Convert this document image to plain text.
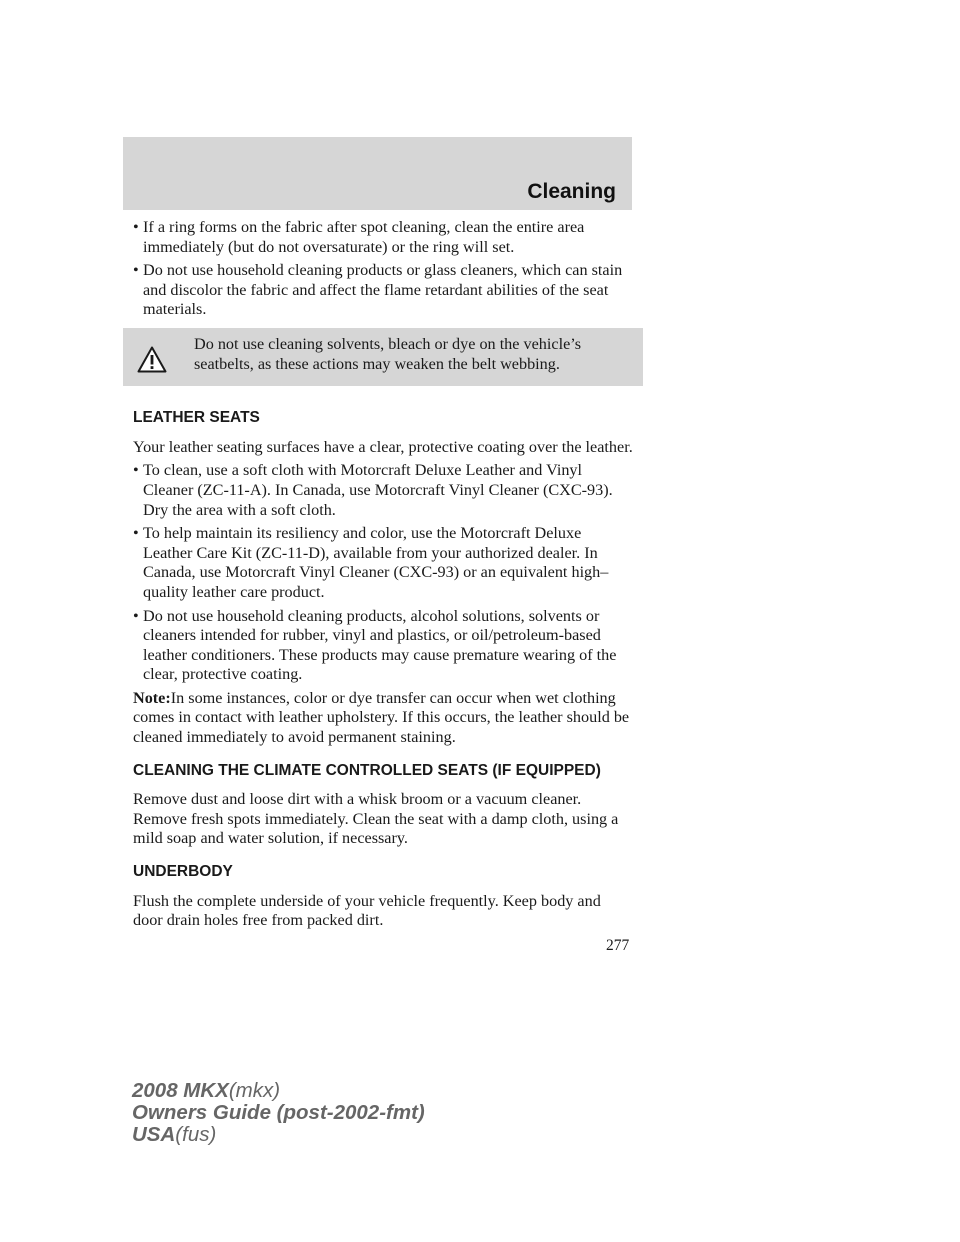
Cleaning
• If a ring forms on the fabric after spot cleaning, clean the entire area immediately (but do not oversaturate) or the ring will set.
• Do not use household cleaning products or glass cleaners, which can stain and discolor the fabric and affect the flame retardant abilities of the seat materials.
Do not use cleaning solvents, bleach or dye on the vehicle’s seatbelts, as these actions may weaken the belt webbing.
LEATHER SEATS
Your leather seating surfaces have a clear, protective coating over the leather.
• To clean, use a soft cloth with Motorcraft Deluxe Leather and Vinyl Cleaner (ZC-11-A). In Canada, use Motorcraft Vinyl Cleaner (CXC-93). Dry the area with a soft cloth.
• To help maintain its resiliency and color, use the Motorcraft Deluxe Leather Care Kit (ZC-11-D), available from your authorized dealer. In Canada, use Motorcraft Vinyl Cleaner (CXC-93) or an equivalent high–quality leather care product.
• Do not use household cleaning products, alcohol solutions, solvents or cleaners intended for rubber, vinyl and plastics, or oil/petroleum-based leather conditioners. These products may cause premature wearing of the clear, protective coating.
Note:In some instances, color or dye transfer can occur when wet clothing comes in contact with leather upholstery. If this occurs, the leather should be cleaned immediately to avoid permanent staining.
CLEANING THE CLIMATE CONTROLLED SEATS (IF EQUIPPED)
Remove dust and loose dirt with a whisk broom or a vacuum cleaner. Remove fresh spots immediately. Clean the seat with a damp cloth, using a mild soap and water solution, if necessary.
UNDERBODY
Flush the complete underside of your vehicle frequently. Keep body and door drain holes free from packed dirt.
277
2008 MKX(mkx)
Owners Guide (post-2002-fmt)
USA(fus)
